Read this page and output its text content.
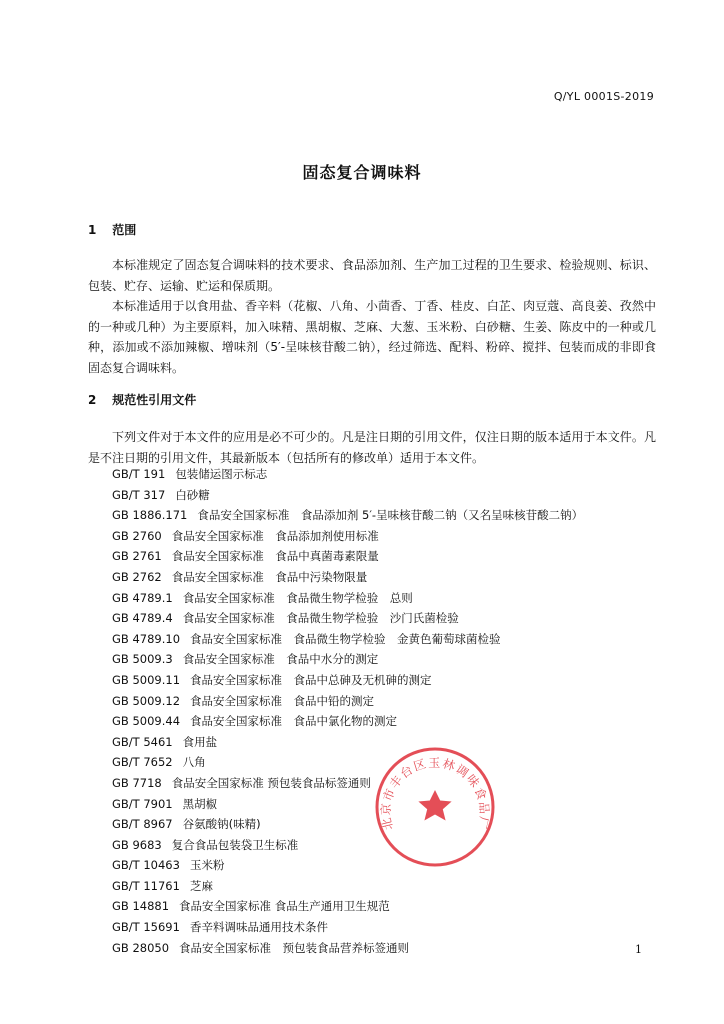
Q/YL 0001S-2019
固态复合调味料
1 范围

本标准规定了固态复合调味料的技术要求、食品添加剂、生产加工过程的卫生要求、检验规则、标识、包装、贮存、运输、贮运和保质期。

本标准适用于以食用盐、香辛料（花椒、八角、小茴香、丁香、桂皮、白芷、肉豆蔻、高良姜、孜然中的一种或几种）为主要原料，加入味精、黑胡椒、芝麻、大葱、玉米粉、白砂糖、生姜、陈皮中的一种或几种，添加或不添加辣椒、增味剂（5′-呈味核苷酸二钠），经过筛选、配料、粉碎、搅拌、包装而成的非即食固态复合调味料。

2 规范性引用文件

下列文件对于本文件的应用是必不可少的。凡是注日期的引用文件，仅注日期的版本适用于本文件。凡是不注日期的引用文件，其最新版本（包括所有的修改单）适用于本文件。

GB/T 191 包装储运图示标志
GB/T 317 白砂糖
GB 1886.171 食品安全国家标准　食品添加剂 5′-呈味核苷酸二钠（又名呈味核苷酸二钠）
GB 2760 食品安全国家标准　食品添加剂使用标准
GB 2761 食品安全国家标准　食品中真菌毒素限量
GB 2762 食品安全国家标准　食品中污染物限量
GB 4789.1 食品安全国家标准　食品微生物学检验　总则
GB 4789.4 食品安全国家标准　食品微生物学检验　沙门氏菌检验
GB 4789.10 食品安全国家标准　食品微生物学检验　金黄色葡萄球菌检验
GB 5009.3 食品安全国家标准　食品中水分的测定
GB 5009.11 食品安全国家标准　食品中总砷及无机砷的测定
GB 5009.12 食品安全国家标准　食品中铅的测定
GB 5009.44 食品安全国家标准　食品中氯化物的测定
GB/T 5461 食用盐
GB/T 7652 八角
GB 7718 食品安全国家标准 预包装食品标签通则
GB/T 7901 黑胡椒
GB/T 8967 谷氨酸钠(味精)
GB 9683 复合食品包装袋卫生标准
GB/T 10463 玉米粉
GB/T 11761 芝麻
GB 14881 食品安全国家标准 食品生产通用卫生规范
GB/T 15691 香辛料调味品通用技术条件
GB 28050 食品安全国家标准　预包装食品营养标签通则
北京市丰台区玉林调味食品厂
1
